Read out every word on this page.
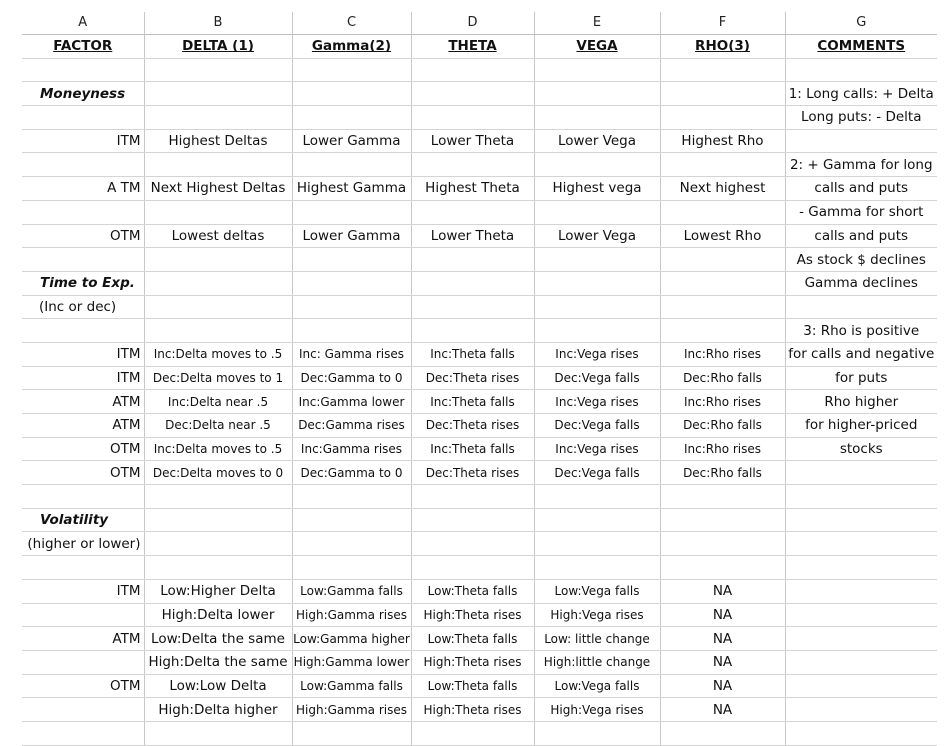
A	B	C	D	E	F	G
FACTOR	DELTA (1)	Gamma(2)	THETA	VEGA	RHO(3)	COMMENTS

Moneyness						1: Long calls: + Delta
						Long puts: - Delta
ITM	Highest Deltas	Lower Gamma	Lower Theta	Lower Vega	Highest Rho	
						2: + Gamma for long
A TM	Next Highest Deltas	Highest Gamma	Highest Theta	Highest vega	Next highest	calls and puts
						- Gamma for short
OTM	Lowest deltas	Lower Gamma	Lower Theta	Lower Vega	Lowest Rho	calls and puts
						As stock $ declines
Time to Exp.						Gamma declines
(Inc or dec)						
						3: Rho is positive
ITM	Inc:Delta moves to .5	Inc: Gamma rises	Inc:Theta falls	Inc:Vega rises	Inc:Rho rises	for calls and negative
ITM	Dec:Delta moves to 1	Dec:Gamma to 0	Dec:Theta rises	Dec:Vega falls	Dec:Rho falls	for puts
ATM	Inc:Delta near .5	Inc:Gamma lower	Inc:Theta falls	Inc:Vega rises	Inc:Rho rises	Rho higher
ATM	Dec:Delta near .5	Dec:Gamma rises	Dec:Theta rises	Dec:Vega falls	Dec:Rho falls	for higher-priced
OTM	Inc:Delta moves to .5	Inc:Gamma rises	Inc:Theta falls	Inc:Vega rises	Inc:Rho rises	stocks
OTM	Dec:Delta moves to 0	Dec:Gamma to 0	Dec:Theta rises	Dec:Vega falls	Dec:Rho falls	

Volatility						
(higher or lower)						

ITM	Low:Higher Delta	Low:Gamma falls	Low:Theta falls	Low:Vega falls	NA	
	High:Delta lower	High:Gamma rises	High:Theta rises	High:Vega rises	NA	
ATM	Low:Delta the same	Low:Gamma higher	Low:Theta falls	Low: little change	NA	
	High:Delta the same	High:Gamma lower	High:Theta rises	High:little change	NA	
OTM	Low:Low Delta	Low:Gamma falls	Low:Theta falls	Low:Vega falls	NA	
	High:Delta higher	High:Gamma rises	High:Theta rises	High:Vega rises	NA	
